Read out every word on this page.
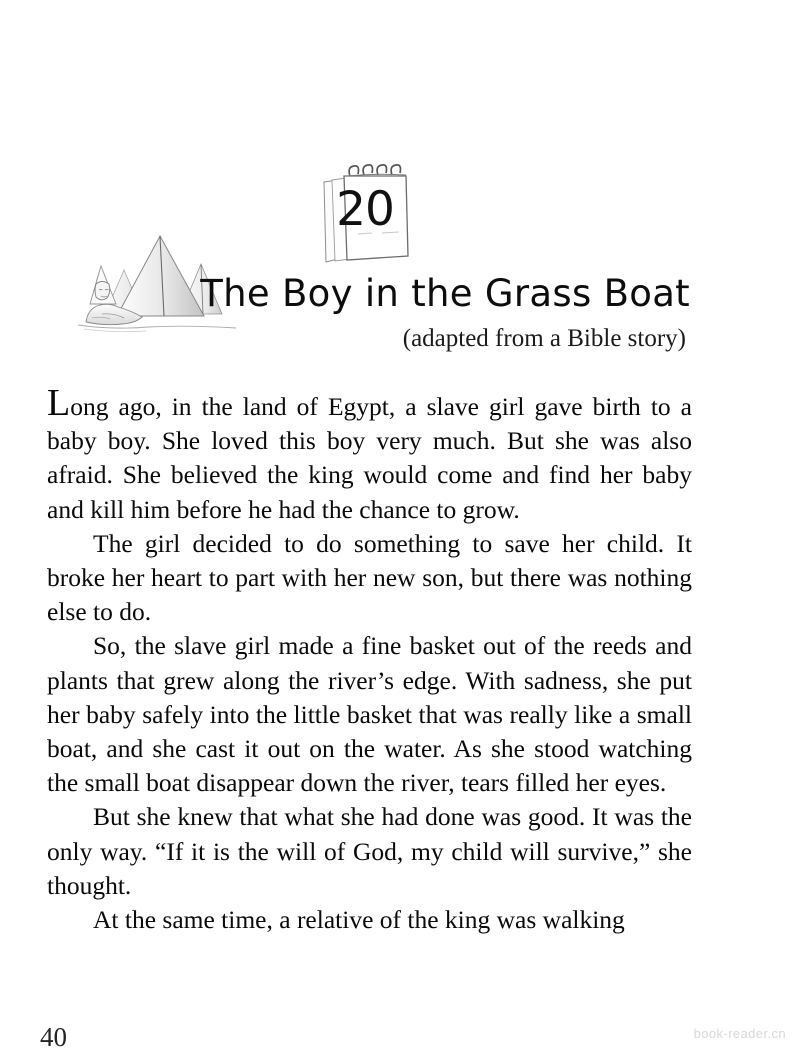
20
The Boy in the Grass Boat
(adapted from a Bible story)

Long ago, in the land of Egypt, a slave girl gave birth to a baby boy. She loved this boy very much. But she was also afraid. She believed the king would come and find her baby and kill him before he had the chance to grow.

The girl decided to do something to save her child. It broke her heart to part with her new son, but there was nothing else to do.

So, the slave girl made a fine basket out of the reeds and plants that grew along the river’s edge. With sadness, she put her baby safely into the little basket that was really like a small boat, and she cast it out on the water. As she stood watching the small boat disappear down the river, tears filled her eyes.

But she knew that what she had done was good. It was the only way. “If it is the will of God, my child will survive,” she thought.

At the same time, a relative of the king was walking

40	book-reader.cn
